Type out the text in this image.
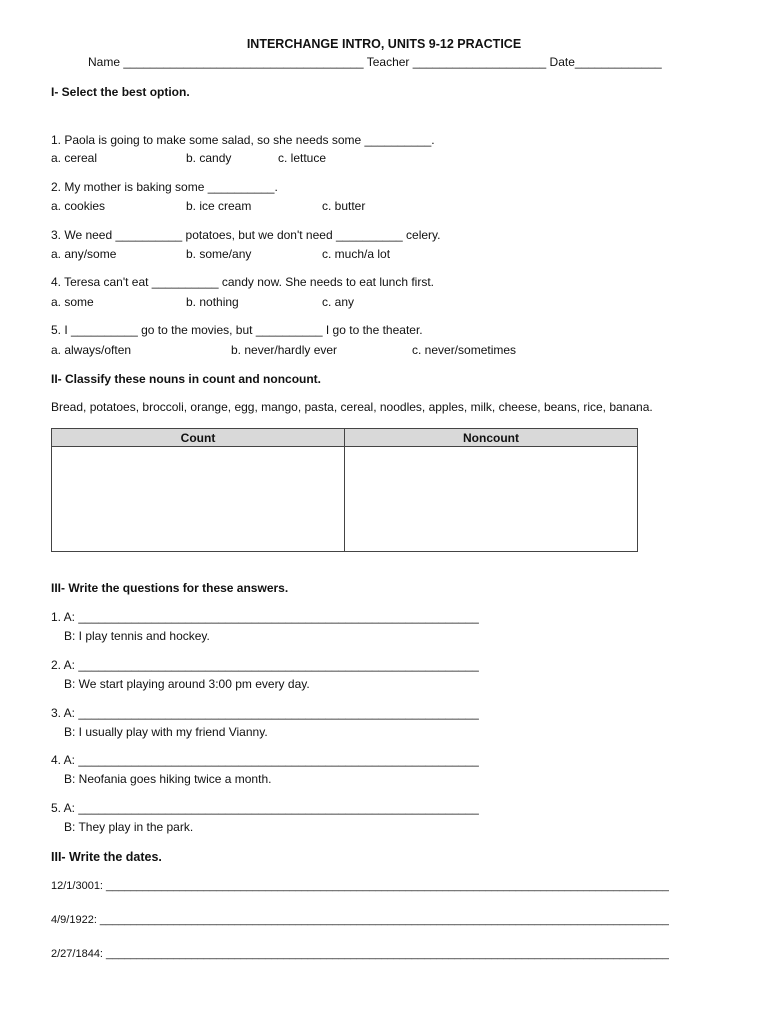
INTERCHANGE INTRO, UNITS 9-12 PRACTICE
Name ____________________________________ Teacher ____________________ Date_____________
I- Select the best option.
1. Paola is going to make some salad, so she needs some __________.
a. cereal	b. candy	c. lettuce
2. My mother is baking some __________.
a. cookies	b. ice cream	c. butter
3. We need __________ potatoes, but we don't need __________ celery.
a. any/some	b. some/any	c. much/a lot
4. Teresa can't eat __________ candy now. She needs to eat lunch first.
a. some	b. nothing	c. any
5. I __________ go to the movies, but __________ I go to the theater.
a. always/often	b. never/hardly ever	c. never/sometimes
II- Classify these nouns in count and noncount.
Bread, potatoes, broccoli, orange, egg, mango, pasta, cereal, noodles, apples, milk, cheese, beans, rice, banana.
Count	Noncount

III- Write the questions for these answers.
1. A: ____________________________________________________________
B: I play tennis and hockey.
2. A: ____________________________________________________________
B: We start playing around 3:00 pm every day.
3. A: ____________________________________________________________
B: I usually play with my friend Vianny.
4. A: ____________________________________________________________
B: Neofania goes hiking twice a month.
5. A: ____________________________________________________________
B: They play in the park.
III- Write the dates.
12/1/3001: ____________________________________________________________________________________________
4/9/1922: _____________________________________________________________________________________________
2/27/1844: ____________________________________________________________________________________________
